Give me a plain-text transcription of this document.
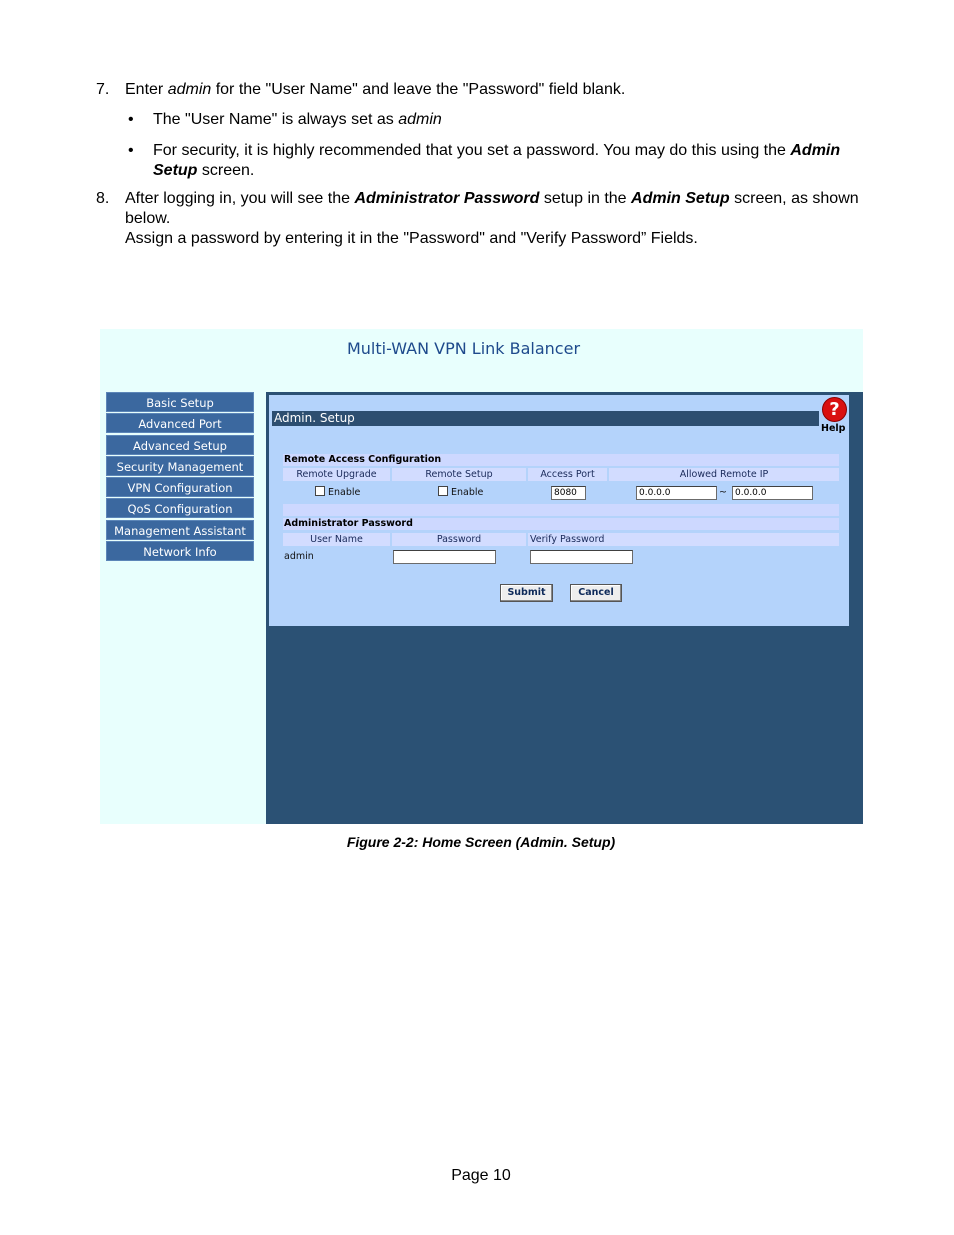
7. Enter admin for the "User Name" and leave the "Password" field blank.
• The "User Name" is always set as admin
• For security, it is highly recommended that you set a password. You may do this using the Admin Setup screen.
8. After logging in, you will see the Administrator Password setup in the Admin Setup screen, as shown below.
Assign a password by entering it in the "Password" and "Verify Password” Fields.
Figure 2-2: Home Screen (Admin. Setup)
Page 10
Multi-WAN VPN Link Balancer
Basic Setup
Advanced Port
Advanced Setup
Security Management
VPN Configuration
QoS Configuration
Management Assistant
Network Info
Admin. Setup	?
Help
Remote Access Configuration
Remote Upgrade	Remote Setup	Access Port	Allowed Remote IP
Enable	Enable	8080	0.0.0.0	~ 0.0.0.0
Administrator Password
User Name	Password	Verify Password
admin
Submit	Cancel
